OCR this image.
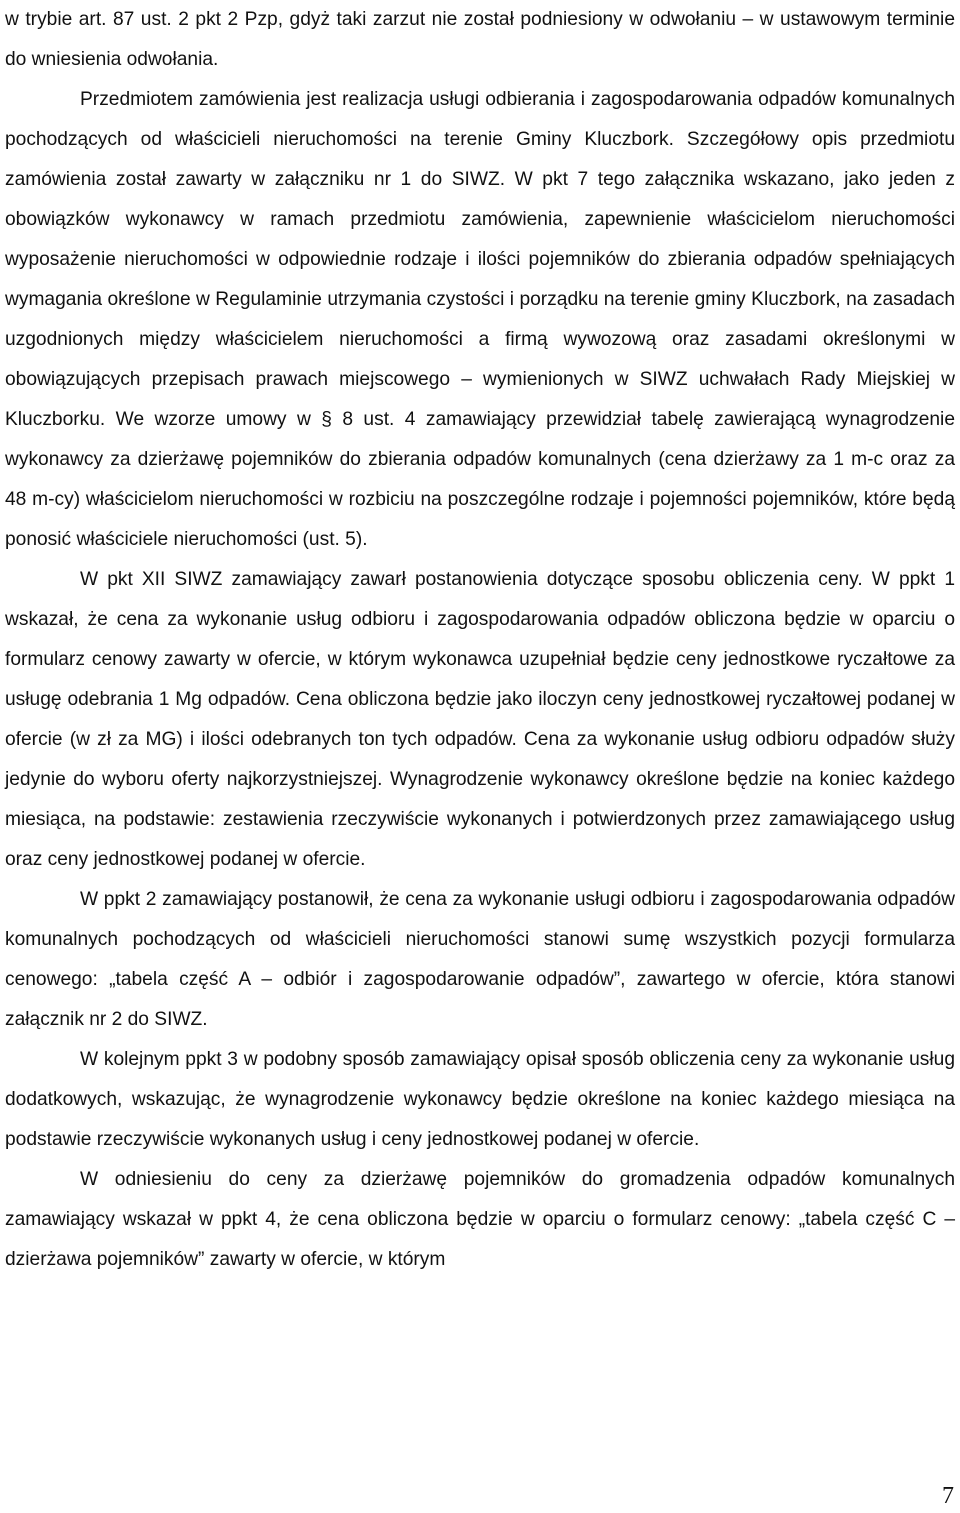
w trybie art. 87 ust. 2 pkt 2 Pzp, gdyż taki zarzut nie został podniesiony w odwołaniu – w ustawowym terminie do wniesienia odwołania.

Przedmiotem zamówienia jest realizacja usługi odbierania i zagospodarowania odpadów komunalnych pochodzących od właścicieli nieruchomości na terenie Gminy Kluczbork. Szczegółowy opis przedmiotu zamówienia został zawarty w załączniku nr 1 do SIWZ. W pkt 7 tego załącznika wskazano, jako jeden z obowiązków wykonawcy w ramach przedmiotu zamówienia, zapewnienie właścicielom nieruchomości wyposażenie nieruchomości w odpowiednie rodzaje i ilości pojemników do zbierania odpadów spełniających wymagania określone w Regulaminie utrzymania czystości i porządku na terenie gminy Kluczbork, na zasadach uzgodnionych między właścicielem nieruchomości a firmą wywozową oraz zasadami określonymi w obowiązujących przepisach prawach miejscowego – wymienionych w SIWZ uchwałach Rady Miejskiej w Kluczborku. We wzorze umowy w § 8 ust. 4 zamawiający przewidział tabelę zawierającą wynagrodzenie wykonawcy za dzierżawę pojemników do zbierania odpadów komunalnych (cena dzierżawy za 1 m-c oraz za 48 m-cy) właścicielom nieruchomości w rozbiciu na poszczególne rodzaje i pojemności pojemników, które będą ponosić właściciele nieruchomości (ust. 5).

W pkt XII SIWZ zamawiający zawarł postanowienia dotyczące sposobu obliczenia ceny. W ppkt 1 wskazał, że cena za wykonanie usług odbioru i zagospodarowania odpadów obliczona będzie w oparciu o formularz cenowy zawarty w ofercie, w którym wykonawca uzupełniał będzie ceny jednostkowe ryczałtowe za usługę odebrania 1 Mg odpadów. Cena obliczona będzie jako iloczyn ceny jednostkowej ryczałtowej podanej w ofercie (w zł za MG) i ilości odebranych ton tych odpadów. Cena za wykonanie usług odbioru odpadów służy jedynie do wyboru oferty najkorzystniejszej. Wynagrodzenie wykonawcy określone będzie na koniec każdego miesiąca, na podstawie: zestawienia rzeczywiście wykonanych i potwierdzonych przez zamawiającego usług oraz ceny jednostkowej podanej w ofercie.

W ppkt 2 zamawiający postanowił, że cena za wykonanie usługi odbioru i zagospodarowania odpadów komunalnych pochodzących od właścicieli nieruchomości stanowi sumę wszystkich pozycji formularza cenowego: „tabela część A – odbiór i zagospodarowanie odpadów”, zawartego w ofercie, która stanowi załącznik nr 2 do SIWZ.

W kolejnym ppkt 3 w podobny sposób zamawiający opisał sposób obliczenia ceny za wykonanie usług dodatkowych, wskazując, że wynagrodzenie wykonawcy będzie określone na koniec każdego miesiąca na podstawie rzeczywiście wykonanych usług i ceny jednostkowej podanej w ofercie.

W odniesieniu do ceny za dzierżawę pojemników do gromadzenia odpadów komunalnych zamawiający wskazał w ppkt 4, że cena obliczona będzie w oparciu o formularz cenowy: „tabela część C – dzierżawa pojemników” zawarty w ofercie, w którym

7
